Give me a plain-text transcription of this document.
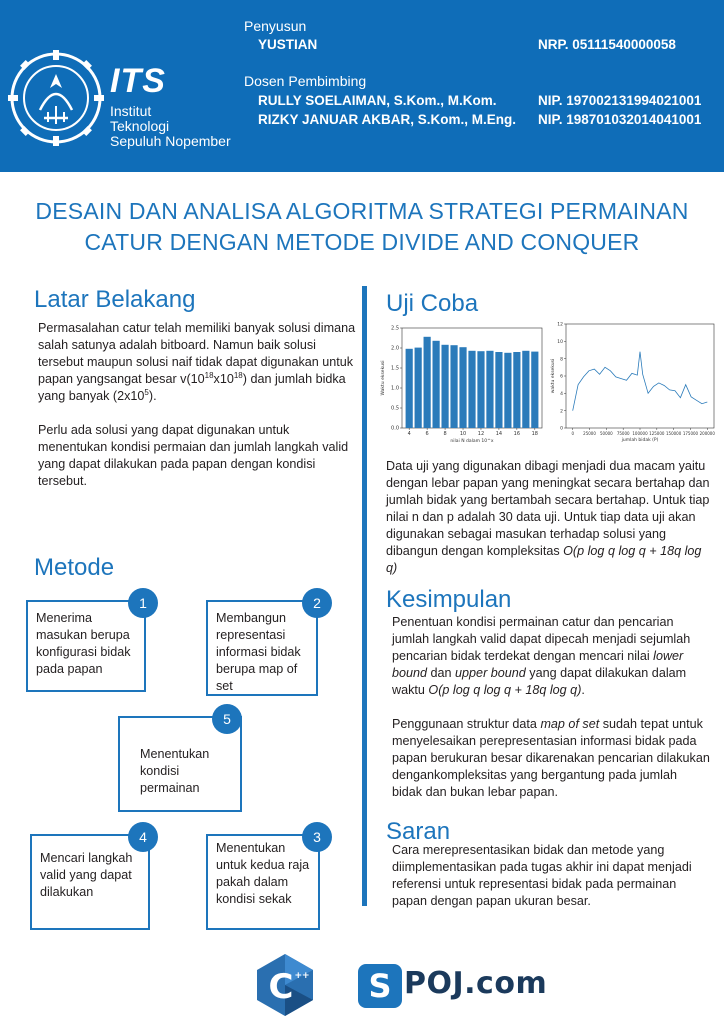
ITS
Institut
Teknologi
Sepuluh Nopember
Penyusun
YUSTIAN	NRP. 05111540000058
Dosen Pembimbing
RULLY SOELAIMAN, S.Kom., M.Kom.	NIP. 197002131994021001
RIZKY JANUAR AKBAR, S.Kom., M.Eng. NIP. 198701032014041001
DESAIN DAN ANALISA ALGORITMA STRATEGI PERMAINAN
CATUR DENGAN METODE DIVIDE AND CONQUER
Latar Belakang

Permasalahan catur telah memiliki banyak solusi dimana salah satunya adalah bitboard. Namun baik solusi tersebut maupun solusi naif tidak dapat digunakan untuk papan yangsangat besar $v(10^{18}x10^{18})$ dan jumlah bidka yang banyak $(2x10^5)$.

Perlu ada solusi yang dapat digunakan untuk menentukan kondisi permaian dan jumlah langkah valid yang dapat dilakukan pada papan dengan kondisi tersebut.

Metode
Menerima masukan berupa konfigurasi bidak pada papan
1
Membangun representasi informasi bidak berupa map of set
2
Menentukan kondisi permainan
5
Mencari langkah valid yang dapat dilakukan
4
Menentukan untuk kedua raja pakah dalam kondisi sekak
3
Uji Coba
0.0
0.5
1.0
1.5
2.0
2.5
4	6	8	10 12 14 16 18
nilai N dalam 10^x
Waktu eksekusi
0
2
4
6
8
10
12
0 25000 50000 75000 100000 125000 150000 175000 200000
jumlah bidak (P)
waktu eksekusi

Data uji yang digunakan dibagi menjadi dua macam yaitu dengan lebar papan yang meningkat secara bertahap dan jumlah bidak yang bertambah secara bertahap. Untuk tiap nilai n dan p adalah 30 data uji. Untuk tiap data uji akan digunakan sebagai masukan terhadap solusi yang dibangun dengan kompleksitas O(p log q log q + 18q log q)

Kesimpulan

Penentuan kondisi permainan catur dan pencarian jumlah langkah valid dapat dipecah menjadi sejumlah pencarian bidak terdekat dengan mencari nilai lower bound dan upper bound yang dapat dilakukan dalam waktu O(p log q log q + 18q log q).

Penggunaan struktur data map of set sudah tepat untuk menyelesaikan perepresentasian informasi bidak pada papan berukuran besar dikarenakan pencarian dilakukan dengankompleksitas yang bergantung pada jumlah bidak dan bukan lebar papan.

Saran

Cara merepresentasikan bidak dan metode yang diimplementasikan pada tugas akhir ini dapat menjadi referensi untuk representasi bidak pada permainan papan dengan papan ukuran besar.

C ++	S POJ.com
